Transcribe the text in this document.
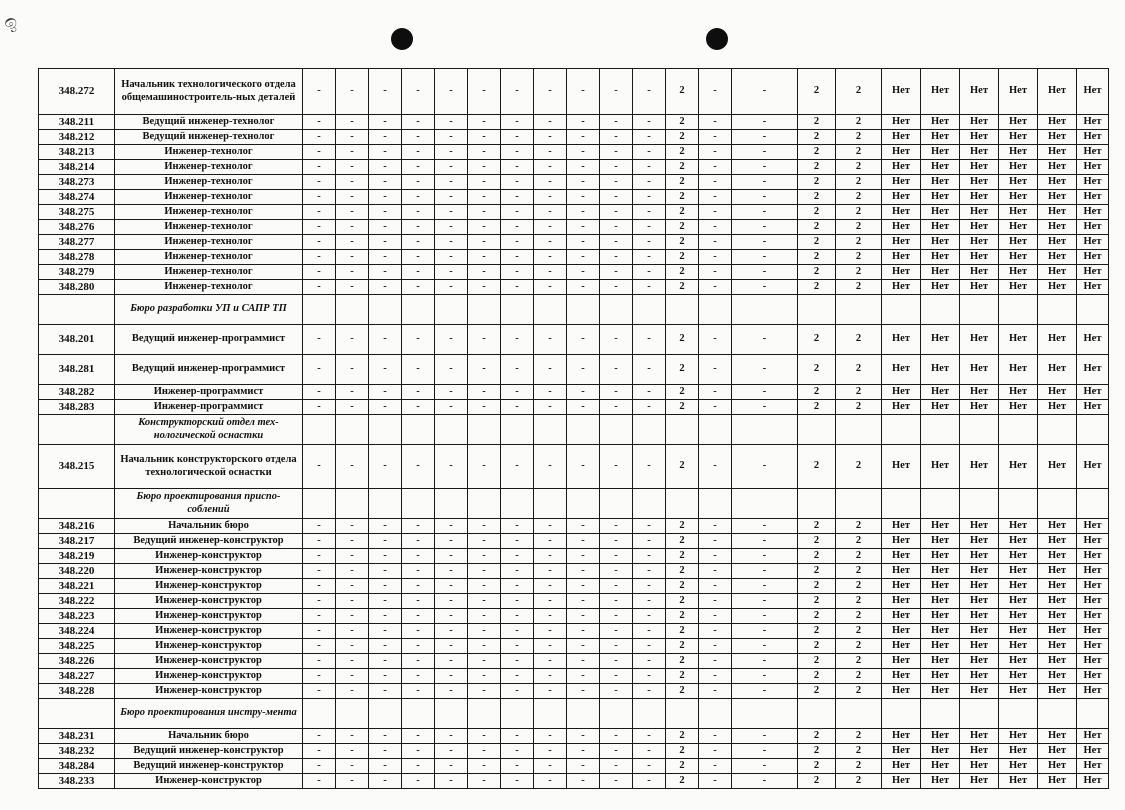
ඉ
348.272	Начальник технологического отдела общемашиностроитель-ных деталей	-	-	-	-	-	-	-	-	-	-	-	2	-	-	2	2	Нет	Нет	Нет	Нет	Нет	Нет
348.211	Ведущий инженер-технолог	-	-	-	-	-	-	-	-	-	-	-	2	-	-	2	2	Нет	Нет	Нет	Нет	Нет	Нет
348.212	Ведущий инженер-технолог	-	-	-	-	-	-	-	-	-	-	-	2	-	-	2	2	Нет	Нет	Нет	Нет	Нет	Нет
348.213	Инженер-технолог	-	-	-	-	-	-	-	-	-	-	-	2	-	-	2	2	Нет	Нет	Нет	Нет	Нет	Нет
348.214	Инженер-технолог	-	-	-	-	-	-	-	-	-	-	-	2	-	-	2	2	Нет	Нет	Нет	Нет	Нет	Нет
348.273	Инженер-технолог	-	-	-	-	-	-	-	-	-	-	-	2	-	-	2	2	Нет	Нет	Нет	Нет	Нет	Нет
348.274	Инженер-технолог	-	-	-	-	-	-	-	-	-	-	-	2	-	-	2	2	Нет	Нет	Нет	Нет	Нет	Нет
348.275	Инженер-технолог	-	-	-	-	-	-	-	-	-	-	-	2	-	-	2	2	Нет	Нет	Нет	Нет	Нет	Нет
348.276	Инженер-технолог	-	-	-	-	-	-	-	-	-	-	-	2	-	-	2	2	Нет	Нет	Нет	Нет	Нет	Нет
348.277	Инженер-технолог	-	-	-	-	-	-	-	-	-	-	-	2	-	-	2	2	Нет	Нет	Нет	Нет	Нет	Нет
348.278	Инженер-технолог	-	-	-	-	-	-	-	-	-	-	-	2	-	-	2	2	Нет	Нет	Нет	Нет	Нет	Нет
348.279	Инженер-технолог	-	-	-	-	-	-	-	-	-	-	-	2	-	-	2	2	Нет	Нет	Нет	Нет	Нет	Нет
348.280	Инженер-технолог	-	-	-	-	-	-	-	-	-	-	-	2	-	-	2	2	Нет	Нет	Нет	Нет	Нет	Нет
	Бюро разработки УП и САПР ТП																						
348.201	Ведущий инженер-программист	-	-	-	-	-	-	-	-	-	-	-	2	-	-	2	2	Нет	Нет	Нет	Нет	Нет	Нет
348.281	Ведущий инженер-программист	-	-	-	-	-	-	-	-	-	-	-	2	-	-	2	2	Нет	Нет	Нет	Нет	Нет	Нет
348.282	Инженер-программист	-	-	-	-	-	-	-	-	-	-	-	2	-	-	2	2	Нет	Нет	Нет	Нет	Нет	Нет
348.283	Инженер-программист	-	-	-	-	-	-	-	-	-	-	-	2	-	-	2	2	Нет	Нет	Нет	Нет	Нет	Нет
	Конструкторский отдел тех-нологической оснастки																						
348.215	Начальник конструкторского отдела технологической оснастки	-	-	-	-	-	-	-	-	-	-	-	2	-	-	2	2	Нет	Нет	Нет	Нет	Нет	Нет
	Бюро проектирования приспо-соблений																						
348.216	Начальник бюро	-	-	-	-	-	-	-	-	-	-	-	2	-	-	2	2	Нет	Нет	Нет	Нет	Нет	Нет
348.217	Ведущий инженер-конструктор	-	-	-	-	-	-	-	-	-	-	-	2	-	-	2	2	Нет	Нет	Нет	Нет	Нет	Нет
348.219	Инженер-конструктор	-	-	-	-	-	-	-	-	-	-	-	2	-	-	2	2	Нет	Нет	Нет	Нет	Нет	Нет
348.220	Инженер-конструктор	-	-	-	-	-	-	-	-	-	-	-	2	-	-	2	2	Нет	Нет	Нет	Нет	Нет	Нет
348.221	Инженер-конструктор	-	-	-	-	-	-	-	-	-	-	-	2	-	-	2	2	Нет	Нет	Нет	Нет	Нет	Нет
348.222	Инженер-конструктор	-	-	-	-	-	-	-	-	-	-	-	2	-	-	2	2	Нет	Нет	Нет	Нет	Нет	Нет
348.223	Инженер-конструктор	-	-	-	-	-	-	-	-	-	-	-	2	-	-	2	2	Нет	Нет	Нет	Нет	Нет	Нет
348.224	Инженер-конструктор	-	-	-	-	-	-	-	-	-	-	-	2	-	-	2	2	Нет	Нет	Нет	Нет	Нет	Нет
348.225	Инженер-конструктор	-	-	-	-	-	-	-	-	-	-	-	2	-	-	2	2	Нет	Нет	Нет	Нет	Нет	Нет
348.226	Инженер-конструктор	-	-	-	-	-	-	-	-	-	-	-	2	-	-	2	2	Нет	Нет	Нет	Нет	Нет	Нет
348.227	Инженер-конструктор	-	-	-	-	-	-	-	-	-	-	-	2	-	-	2	2	Нет	Нет	Нет	Нет	Нет	Нет
348.228	Инженер-конструктор	-	-	-	-	-	-	-	-	-	-	-	2	-	-	2	2	Нет	Нет	Нет	Нет	Нет	Нет
	Бюро проектирования инстру-мента																						
348.231	Начальник бюро	-	-	-	-	-	-	-	-	-	-	-	2	-	-	2	2	Нет	Нет	Нет	Нет	Нет	Нет
348.232	Ведущий инженер-конструктор	-	-	-	-	-	-	-	-	-	-	-	2	-	-	2	2	Нет	Нет	Нет	Нет	Нет	Нет
348.284	Ведущий инженер-конструктор	-	-	-	-	-	-	-	-	-	-	-	2	-	-	2	2	Нет	Нет	Нет	Нет	Нет	Нет
348.233	Инженер-конструктор	-	-	-	-	-	-	-	-	-	-	-	2	-	-	2	2	Нет	Нет	Нет	Нет	Нет	Нет
